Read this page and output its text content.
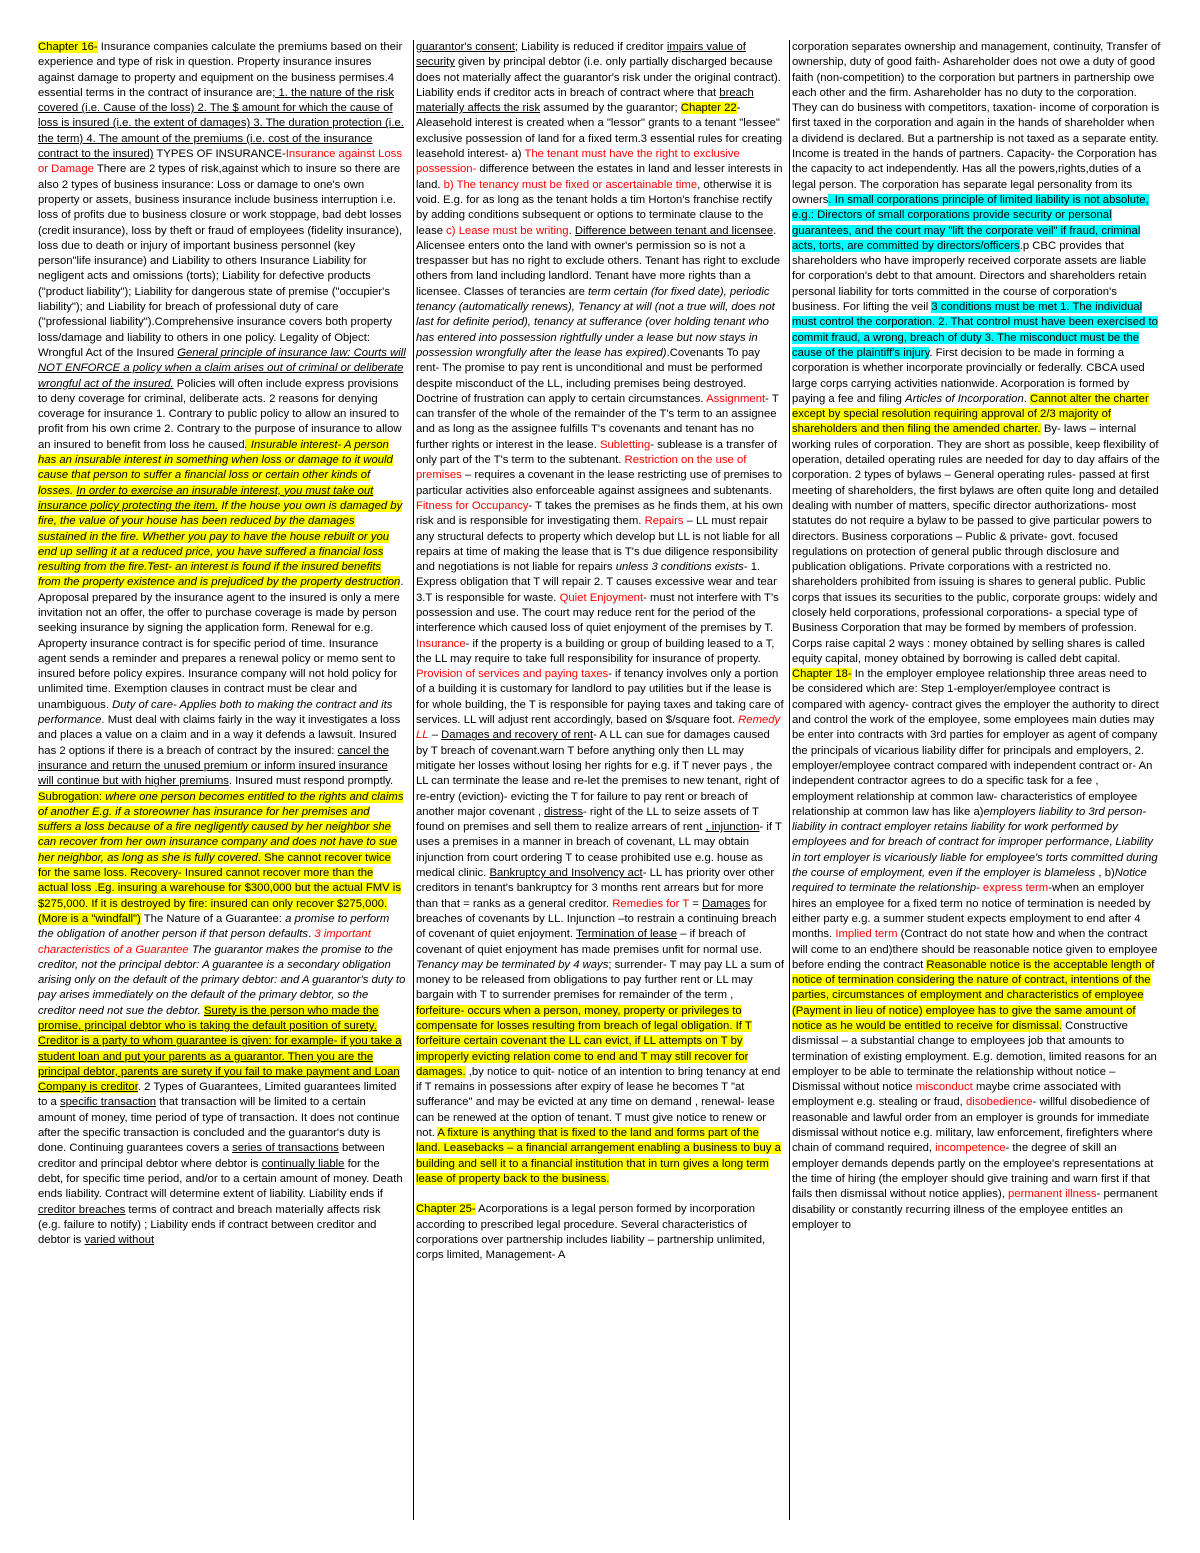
Chapter 16- Insurance companies calculate the premiums based on their experience and type of risk in question. Property insurance insures against damage to property and equipment on the business permises.4 essential terms in the contract of insurance are; 1. the nature of the risk covered (i.e. Cause of the loss) 2. The $ amount for which the cause of loss is insured (i.e. the extent of damages) 3. The duration protection (i.e. the term) 4. The amount of the premiums (i.e. cost of the insurance contract to the insured) TYPES OF INSURANCE-Insurance against Loss or Damage There are 2 types of risk,against which to insure so there are also 2 types of business insurance: Loss or damage to one's own property or assets, business insurance include business interruption i.e. loss of profits due to business closure or work stoppage, bad debt losses (credit insurance), loss by theft or fraud of employees (fidelity insurance), loss due to death or injury of important business personnel (key person"life insurance) and Liability to others Insurance Liability for negligent acts and omissions (torts); Liability for defective products ("product liability"); Liability for dangerous state of premise ("occupier's liability"); and Liability for breach of professional duty of care ("professional liability").Comprehensive insurance covers both property loss/damage and liability to others in one policy. Legality of Object: Wrongful Act of the Insured General principle of insurance law: Courts will NOT ENFORCE a policy when a claim arises out of criminal or deliberate wrongful act of the insured. Policies will often include express provisions to deny coverage for criminal, deliberate acts. 2 reasons for denying coverage for insurance 1. Contrary to public policy to allow an insured to profit from his own crime 2. Contrary to the purpose of insurance to allow an insured to benefit from loss he caused. Insurable interest- A person has an insurable interest in something when loss or damage to it would cause that person to suffer a financial loss or certain other kinds of losses. In order to exercise an insurable interest, you must take out insurance policy protecting the item. If the house you own is damaged by fire, the value of your house has been reduced by the damages sustained in the fire. Whether you pay to have the house rebuilt or you end up selling it at a reduced price, you have suffered a financial loss resulting from the fire.Test- an interest is found if the insured benefits from the property existence and is prejudiced by the property destruction. Aproposal prepared by the insurance agent to the insured is only a mere invitation not an offer, the offer to purchase coverage is made by person seeking insurance by signing the application form. Renewal for e.g. Aproperty insurance contract is for specific period of time. Insurance agent sends a reminder and prepares a renewal policy or memo sent to insured before policy expires. Insurance company will not hold policy for unlimited time. Exemption clauses in contract must be clear and unambiguous. Duty of care- Applies both to making the contract and its performance. Must deal with claims fairly in the way it investigates a loss and places a value on a claim and in a way it defends a lawsuit. Insured has 2 options if there is a breach of contract by the insured: cancel the insurance and return the unused premium or inform insured insurance will continue but with higher premiums. Insured must respond promptly. Subrogation: where one person becomes entitled to the rights and claims of another E.g. if a storeowner has insurance for her premises and suffers a loss because of a fire negligently caused by her neighbor she can recover from her own insurance company and does not have to sue her neighbor, as long as she is fully covered. She cannot recover twice for the same loss. Recovery- Insured cannot recover more than the actual loss .Eg. insuring a warehouse for $300,000 but the actual FMV is $275,000. If it is destroyed by fire: insured can only recover $275,000. (More is a "windfall") The Nature of a Guarantee: a promise to perform the obligation of another person if that person defaults. 3 important characteristics of a Guarantee The guarantor makes the promise to the creditor, not the principal debtor: A guarantee is a secondary obligation arising only on the default of the primary debtor: and A guarantor's duty to pay arises immediately on the default of the primary debtor, so the creditor need not sue the debtor. Surety is the person who made the promise, principal debtor who is taking the default position of surety. Creditor is a party to whom guarantee is given: for example- if you take a student loan and put your parents as a guarantor. Then you are the principal debtor, parents are surety if you fail to make payment and Loan Company is creditor. 2 Types of Guarantees, Limited guarantees limited to a specific transaction that transaction will be limited to a certain amount of money, time period of type of transaction. It does not continue after the specific transaction is concluded and the guarantor's duty is done. Continuing guarantees covers a series of transactions between creditor and principal debtor where debtor is continually liable for the debt, for specific time period, and/or to a certain amount of money. Death ends liability. Contract will determine extent of liability. Liability ends if creditor breaches terms of contract and breach materially affects risk (e.g. failure to notify) ; Liability ends if contract between creditor and debtor is varied without

guarantor's consent; Liability is reduced if creditor impairs value of security given by principal debtor (i.e. only partially discharged because does not materially affect the guarantor's risk under the original contract). Liability ends if creditor acts in breach of contract where that breach materially affects the risk assumed by the guarantor; Chapter 22- Aleasehold interest is created when a "lessor" grants to a tenant "lessee" exclusive possession of land for a fixed term.3 essential rules for creating leasehold interest- a) The tenant must have the right to exclusive possession- difference between the estates in land and lesser interests in land. b) The tenancy must be fixed or ascertainable time, otherwise it is void. E.g. for as long as the tenant holds a tim Horton's franchise rectify by adding conditions subsequent or options to terminate clause to the lease c) Lease must be writing. Difference between tenant and licensee. Alicensee enters onto the land with owner's permission so is not a trespasser but has no right to exclude others. Tenant has right to exclude others from land including landlord. Tenant have more rights than a licensee. Classes of terancies are term certain (for fixed date), periodic tenancy (automatically renews), Tenancy at will (not a true will, does not last for definite period), tenancy at sufferance (over holding tenant who has entered into possession rightfully under a lease but now stays in possession wrongfully after the lease has expired).Covenants To pay rent- The promise to pay rent is unconditional and must be performed despite misconduct of the LL, including premises being destroyed. Doctrine of frustration can apply to certain circumstances. Assignment- T can transfer of the whole of the remainder of the T's term to an assignee and as long as the assignee fulfills T's covenants and tenant has no further rights or interest in the lease. Subletting- sublease is a transfer of only part of the T's term to the subtenant. Restriction on the use of premises – requires a covenant in the lease restricting use of premises to particular activities also enforceable against assignees and subtenants. Fitness for Occupancy- T takes the premises as he finds them, at his own risk and is responsible for investigating them. Repairs – LL must repair any structural defects to property which develop but LL is not liable for all repairs at time of making the lease that is T's due diligence responsibility and negotiations is not liable for repairs unless 3 conditions exists- 1. Express obligation that T will repair 2. T causes excessive wear and tear 3.T is responsible for waste. Quiet Enjoyment- must not interfere with T's possession and use. The court may reduce rent for the period of the interference which caused loss of quiet enjoyment of the premises by T. Insurance- if the property is a building or group of building leased to a T, the LL may require to take full responsibility for insurance of property. Provision of services and paying taxes- if tenancy involves only a portion of a building it is customary for landlord to pay utilities but if the lease is for whole building, the T is responsible for paying taxes and taking care of services. LL will adjust rent accordingly, based on $/square foot. Remedy LL – Damages and recovery of rent- A LL can sue for damages caused by T breach of covenant.warn T before anything only then LL may mitigate her losses without losing her rights for e.g. if T never pays , the LL can terminate the lease and re-let the premises to new tenant, right of re-entry (eviction)- evicting the T for failure to pay rent or breach of another major covenant , distress- right of the LL to seize assets of T found on premises and sell them to realize arrears of rent , injunction- if T uses a premises in a manner in breach of covenant, LL may obtain injunction from court ordering T to cease prohibited use e.g. house as medical clinic. Bankruptcy and Insolvency act- LL has priority over other creditors in tenant's bankruptcy for 3 months rent arrears but for more than that = ranks as a general creditor. Remedies for T = Damages for breaches of covenants by LL. Injunction –to restrain a continuing breach of covenant of quiet enjoyment. Termination of lease – if breach of covenant of quiet enjoyment has made premises unfit for normal use. Tenancy may be terminated by 4 ways; surrender- T may pay LL a sum of money to be released from obligations to pay further rent or LL may bargain with T to surrender premises for remainder of the term , forfeiture- occurs when a person, money, property or privileges to compensate for losses resulting from breach of legal obligation. If T forfeiture certain covenant the LL can evict, if LL attempts on T by improperly evicting relation come to end and T may still recover for damages. ,by notice to quit- notice of an intention to bring tenancy at end if T remains in possessions after expiry of lease he becomes T "at sufferance" and may be evicted at any time on demand , renewal- lease can be renewed at the option of tenant. T must give notice to renew or not. A fixture is anything that is fixed to the land and forms part of the land. Leasebacks – a financial arrangement enabling a business to buy a building and sell it to a financial institution that in turn gives a long term lease of property back to the business.

Chapter 25- Acorporations is a legal person formed by incorporation according to prescribed legal procedure. Several characteristics of corporations over partnership includes liability – partnership unlimited, corps limited, Management- A

corporation separates ownership and management, continuity, Transfer of ownership, duty of good faith- Ashareholder does not owe a duty of good faith (non-competition) to the corporation but partners in partnership owe each other and the firm. Ashareholder has no duty to the corporation. They can do business with competitors, taxation- income of corporation is first taxed in the corporation and again in the hands of shareholder when a dividend is declared. But a partnership is not taxed as a separate entity. Income is treated in the hands of partners. Capacity- the Corporation has the capacity to act independently. Has all the powers,rights,duties of a legal person. The corporation has separate legal personality from its owners. In small corporations principle of limited liability is not absolute, e.g.: Directors of small corporations provide security or personal guarantees, and the court may "lift the corporate veil" if fraud, criminal acts, torts, are committed by directors/officers.p CBC provides that shareholders who have improperly received corporate assets are liable for corporation's debt to that amount. Directors and shareholders retain personal liability for torts committed in the course of corporation's business. For lifting the veil 3 conditions must be met 1. The individual must control the corporation. 2. That control must have been exercised to commit fraud, a wrong, breach of duty 3. The misconduct must be the cause of the plaintiff's injury. First decision to be made in forming a corporation is whether incorporate provincially or federally. CBCA used large corps carrying activities nationwide. Acorporation is formed by paying a fee and filing Articles of Incorporation. Cannot alter the charter except by special resolution requiring approval of 2/3 majority of shareholders and then filing the amended charter. By- laws – internal working rules of corporation. They are short as possible, keep flexibility of operation, detailed operating rules are needed for day to day affairs of the corporation. 2 types of bylaws – General operating rules- passed at first meeting of shareholders, the first bylaws are often quite long and detailed dealing with number of matters, specific director authorizations- most statutes do not require a bylaw to be passed to give particular powers to directors. Business corporations – Public & private- govt. focused regulations on protection of general public through disclosure and publication obligations. Private corporations with a restricted no. shareholders prohibited from issuing is shares to general public. Public corps that issues its securities to the public, corporate groups: widely and closely held corporations, professional corporations- a special type of Business Corporation that may be formed by members of profession. Corps raise capital 2 ways : money obtained by selling shares is called equity capital, money obtained by borrowing is called debt capital. Chapter 18- In the employer employee relationship three areas need to be considered which are: Step 1-employer/employee contract is compared with agency- contract gives the employer the authority to direct and control the work of the employee, some employees main duties may be enter into contracts with 3rd parties for employer as agent of company the principals of vicarious liability differ for principals and employers, 2. employer/employee contract compared with independent contract or- An independent contractor agrees to do a specific task for a fee , employment relationship at common law- characteristics of employee relationship at common law has like a)employers liability to 3rd person- liability in contract employer retains liability for work performed by employees and for breach of contract for improper performance, Liability in tort employer is vicariously liable for employee's torts committed during the course of employment, even if the employer is blameless , b)Notice required to terminate the relationship- express term-when an employer hires an employee for a fixed term no notice of termination is needed by either party e.g. a summer student expects employment to end after 4 months. Implied term (Contract do not state how and when the contract will come to an end)there should be reasonable notice given to employee before ending the contract Reasonable notice is the acceptable length of notice of termination considering the nature of contract, intentions of the parties, circumstances of employment and characteristics of employee (Payment in lieu of notice) employee has to give the same amount of notice as he would be entitled to receive for dismissal. Constructive dismissal – a substantial change to employees job that amounts to termination of existing employment. E.g. demotion, limited reasons for an employer to be able to terminate the relationship without notice – Dismissal without notice misconduct maybe crime associated with employment e.g. stealing or fraud, disobedience- willful disobedience of reasonable and lawful order from an employer is grounds for immediate dismissal without notice e.g. military, law enforcement, firefighters where chain of command required, incompetence- the degree of skill an employer demands depends partly on the employee's representations at the time of hiring (the employer should give training and warn first if that fails then dismissal without notice applies), permanent illness- permanent disability or constantly recurring illness of the employee entitles an employer to
